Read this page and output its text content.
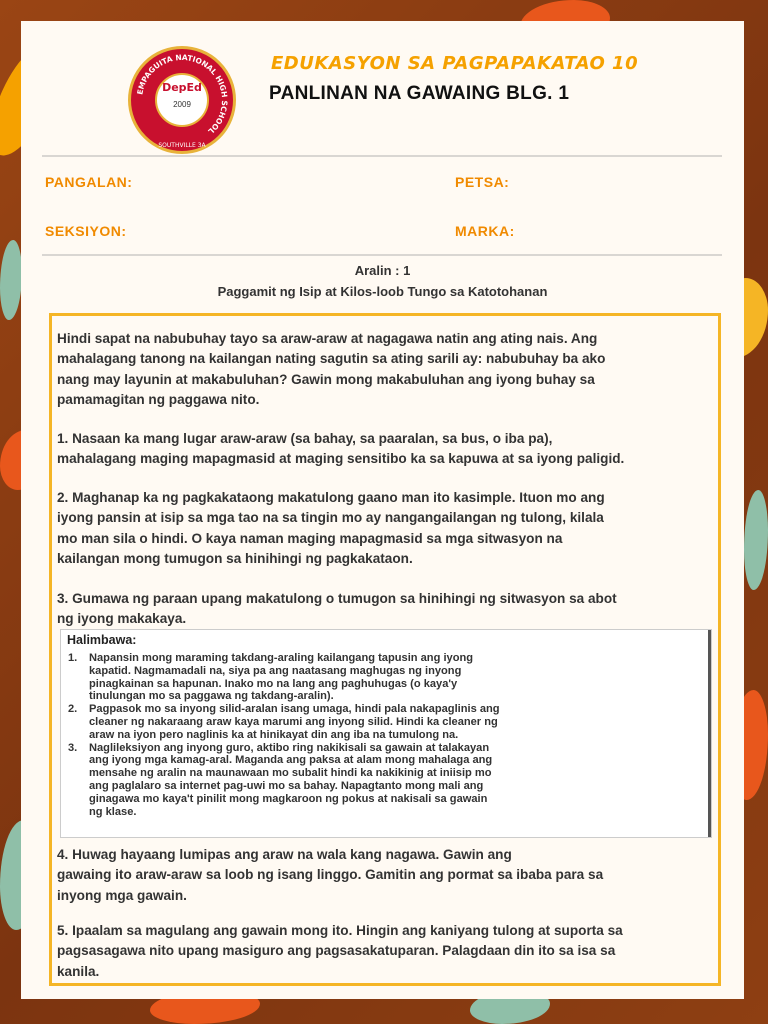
EMPAGUITA NATIONAL HIGH SCHOOL
SOUTHVILLE 3A
DepEd
2009
EDUKASYON SA PAGPAPAKATAO 10
PANLINAN NA GAWAING BLG. 1
PANGALAN:	PETSA:
SEKSIYON:	MARKA:
Aralin : 1
Paggamit ng Isip at Kilos-loob Tungo sa Katotohanan
Hindi sapat na nabubuhay tayo sa araw-araw at nagagawa natin ang ating nais. Ang
mahalagang tanong na kailangan nating sagutin sa ating sarili ay: nabubuhay ba ako
nang may layunin at makabuluhan? Gawin mong makabuluhan ang iyong buhay sa
pamamagitan ng paggawa nito.
1. Nasaan ka mang lugar araw-araw (sa bahay, sa paaralan, sa bus, o iba pa),
mahalagang maging mapagmasid at maging sensitibo ka sa kapuwa at sa iyong paligid.
2. Maghanap ka ng pagkakataong makatulong gaano man ito kasimple. Ituon mo ang
iyong pansin at isip sa mga tao na sa tingin mo ay nangangailangan ng tulong, kilala
mo man sila o hindi. O kaya naman maging mapagmasid sa mga sitwasyon na
kailangan mong tumugon sa hinihingi ng pagkakataon.
3. Gumawa ng paraan upang makatulong o tumugon sa hinihingi ng sitwasyon sa abot
ng iyong makakaya.
Halimbawa:
1. Napansin mong maraming takdang-araling kailangang tapusin ang iyong
kapatid. Nagmamadali na, siya pa ang naatasang maghugas ng inyong
pinagkainan sa hapunan. Inako mo na lang ang paghuhugas (o kaya'y
tinulungan mo sa paggawa ng takdang-aralin).
2. Pagpasok mo sa inyong silid-aralan isang umaga, hindi pala nakapaglinis ang
cleaner ng nakaraang araw kaya marumi ang inyong silid. Hindi ka cleaner ng
araw na iyon pero naglinis ka at hinikayat din ang iba na tumulong na.
3. Naglileksiyon ang inyong guro, aktibo ring nakikisali sa gawain at talakayan
ang iyong mga kamag-aral. Maganda ang paksa at alam mong mahalaga ang
mensahe ng aralin na maunawaan mo subalit hindi ka nakikinig at iniisip mo
ang paglalaro sa internet pag-uwi mo sa bahay. Napagtanto mong mali ang
ginagawa mo kaya't pinilit mong magkaroon ng pokus at nakisali sa gawain
ng klase.
4. Huwag hayaang lumipas ang araw na wala kang nagawa. Gawin ang
gawaing ito araw-araw sa loob ng isang linggo. Gamitin ang pormat sa ibaba para sa
inyong mga gawain.
5. Ipaalam sa magulang ang gawain mong ito. Hingin ang kaniyang tulong at suporta sa
pagsasagawa nito upang masiguro ang pagsasakatuparan. Palagdaan din ito sa isa sa
kanila.
